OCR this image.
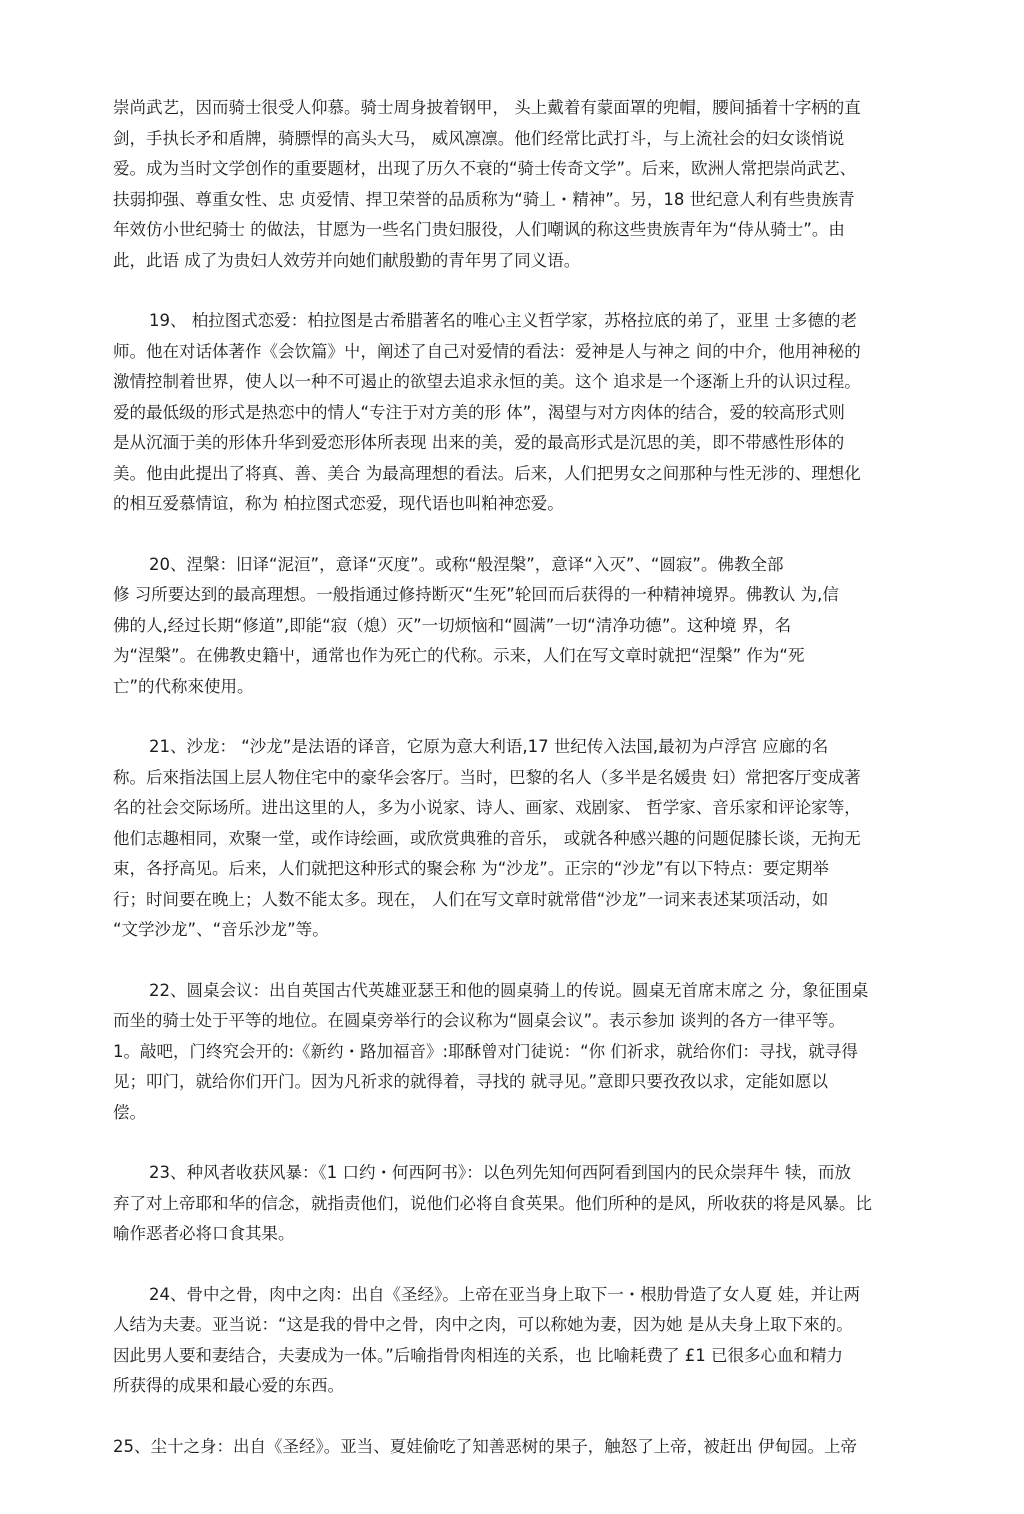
崇尚武艺，因而骑士很受人仰慕。骑士周身披着钢甲， 头上戴着有蒙面罩的兜帽，腰间插着十字柄的直
剑，手执长矛和盾牌，骑膘悍的高头大马， 威风凛凛。他们经常比武打斗，与上流社会的妇女谈悄说
爱。成为当时文学创作的重要题材，出现了历久不衰的“骑士传奇文学”。后来，欧洲人常把崇尚武艺、
扶弱抑强、尊重女性、忠 贞爱情、捍卫荣誉的品质称为“骑丄・精神”。另，18 世纪意人利有些贵族青
年效仿小世纪骑士 的做法，甘愿为一些名门贵妇服役，人们嘲讽的称这些贵族青年为“侍从骑士”。由
此，此语 成了为贵妇人效劳并向她们献殷勤的青年男了同义语。

19、 柏拉图式恋爱：柏拉图是古希腊著名的唯心主义哲学家，苏格拉底的弟了，亚里 士多德的老
师。他在对话体著作《会饮篇》屮，阐述了自己对爱情的看法：爱神是人与神之 间的中介，他用神秘的
激情控制着世界，使人以一种不可遏止的欲望去追求永恒的美。这个 追求是一个逐渐上升的认识过程。
爱的最低级的形式是热恋中的情人“专注于对方美的形 体”，渴望与对方肉体的结合，爱的较高形式则
是从沉湎于美的形体升华到爱恋形体所表现 出来的美，爱的最高形式是沉思的美，即不带感性形体的
美。他由此提出了将真、善、美合 为最高理想的看法。后来，人们把男女之间那种与性无涉的、理想化
的相互爱慕情谊，称为 柏拉图式恋爱，现代语也叫粕神恋爱。

20、涅槃：旧译“泥洹”，意译“灭度”。或称“般涅槃”，意译“入灭”、“圆寂”。佛教全部
修 习所要达到的最高理想。一般指通过修持断灭“生死”轮回而后获得的一种精神境界。佛教认 为,信
佛的人,经过长期“修道”,即能“寂（熄）灭”一切烦恼和“圆满”一切“清净功德”。这种境 界，名
为“涅槃”。在佛教史籍屮，通常也作为死亡的代称。示来，人们在写文章时就把“涅槃” 作为“死
亡”的代称來使用。

21、沙龙： “沙龙”是法语的译音，它原为意大利语,17 世纪传入法国,最初为卢浮宫 应廊的名
称。后來指法国上层人物住宅中的豪华会客厅。当时，巴黎的名人（多半是名媛贵 妇）常把客厅变成著
名的社会交际场所。进出这里的人，多为小说家、诗人、画家、戏剧家、 哲学家、音乐家和评论家等，
他们志趣相同，欢聚一堂，或作诗绘画，或欣赏典雅的音乐， 或就各种感兴趣的问题促膝长谈，无拘无
束，各抒高见。后来，人们就把这种形式的聚会称 为“沙龙”。正宗的“沙龙”有以下特点：要定期举
行；时间要在晚上；人数不能太多。现在， 人们在写文章时就常借“沙龙”一词来表述某项活动，如
“文学沙龙”、“音乐沙龙”等。

22、圆桌会议：出自英国古代英雄亚瑟王和他的圆桌骑丄的传说。圆桌无首席末席之 分，象征围桌
而坐的骑士处于平等的地位。在圆桌旁举行的会议称为“圆桌会议”。表示参加 谈判的各方一律平等。
1。敲吧，门终究会开的:《新约・路加福音》:耶酥曾对门徒说：“你 们祈求，就给你们：寻找，就寻得
见；叩门，就给你们开门。因为凡祈求的就得着，寻找的 就寻见。”意即只要孜孜以求，定能如愿以
偿。

23、种风者收获风暴：《1 口约・何西阿书》：以色列先知何西阿看到国内的民众崇拜牛 犊，而放
弃了对上帝耶和华的信念，就指责他们，说他们必将自食英果。他们所种的是风，所收获的将是风暴。比
喻作恶者必将口食其果。

24、骨中之骨，肉中之肉：出自《圣经》。上帝在亚当身上取下一・根肋骨造了女人夏 娃，并让两
人结为夫妻。亚当说：“这是我的骨中之骨，肉中之肉，可以称她为妻，因为她 是从夫身上取下來的。
因此男人要和妻结合，夫妻成为一体。”后喻指骨肉相连的关系，也 比喻耗费了 £1 已很多心血和精力
所获得的成果和最心爱的东西。

25、尘十之身：出自《圣经》。亚当、夏娃偷吃了知善恶树的果子，触怒了上帝，被赶出 伊甸园。上帝
